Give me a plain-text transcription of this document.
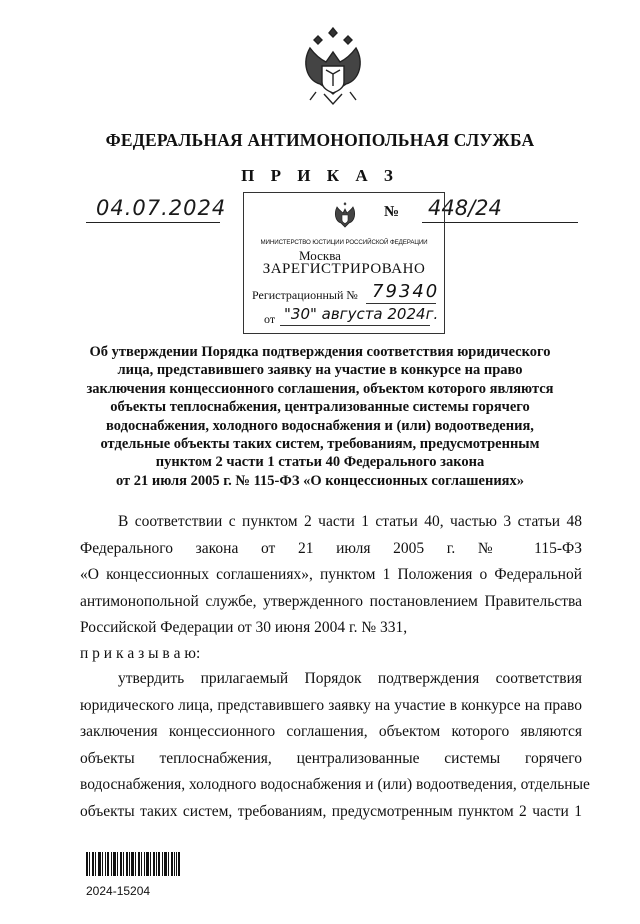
ФЕДЕРАЛЬНАЯ АНТИМОНОПОЛЬНАЯ СЛУЖБА
П Р И К А З
04.07.2024	№ 448/24
Москва
МИНИСТЕРСТВО ЮСТИЦИИ РОССИЙСКОЙ ФЕДЕРАЦИИ
ЗАРЕГИСТРИРОВАНО
Регистрационный № 79340
от "30" августа 2024г.
Об утверждении Порядка подтверждения соответствия юридического
лица, представившего заявку на участие в конкурсе на право
заключения концессионного соглашения, объектом которого являются
объекты теплоснабжения, централизованные системы горячего
водоснабжения, холодного водоснабжения и (или) водоотведения,
отдельные объекты таких систем, требованиям, предусмотренным
пунктом 2 части 1 статьи 40 Федерального закона
от 21 июля 2005 г. № 115-ФЗ «О концессионных соглашениях»
В соответствии с пунктом 2 части 1 статьи 40, частью 3 статьи 48
Федерального закона от 21 июля 2005 г. № 115-ФЗ
«О концессионных соглашениях», пунктом 1 Положения о Федеральной
антимонопольной службе, утвержденного постановлением Правительства
Российской Федерации от 30 июня 2004 г. № 331,
п р и к а з ы в а ю:
утвердить прилагаемый Порядок подтверждения соответствия
юридического лица, представившего заявку на участие в конкурсе на право
заключения концессионного соглашения, объектом которого являются
объекты теплоснабжения, централизованные системы горячего
водоснабжения, холодного водоснабжения и (или) водоотведения, отдельные
объекты таких систем, требованиям, предусмотренным пунктом 2 части 1
2024-15204
